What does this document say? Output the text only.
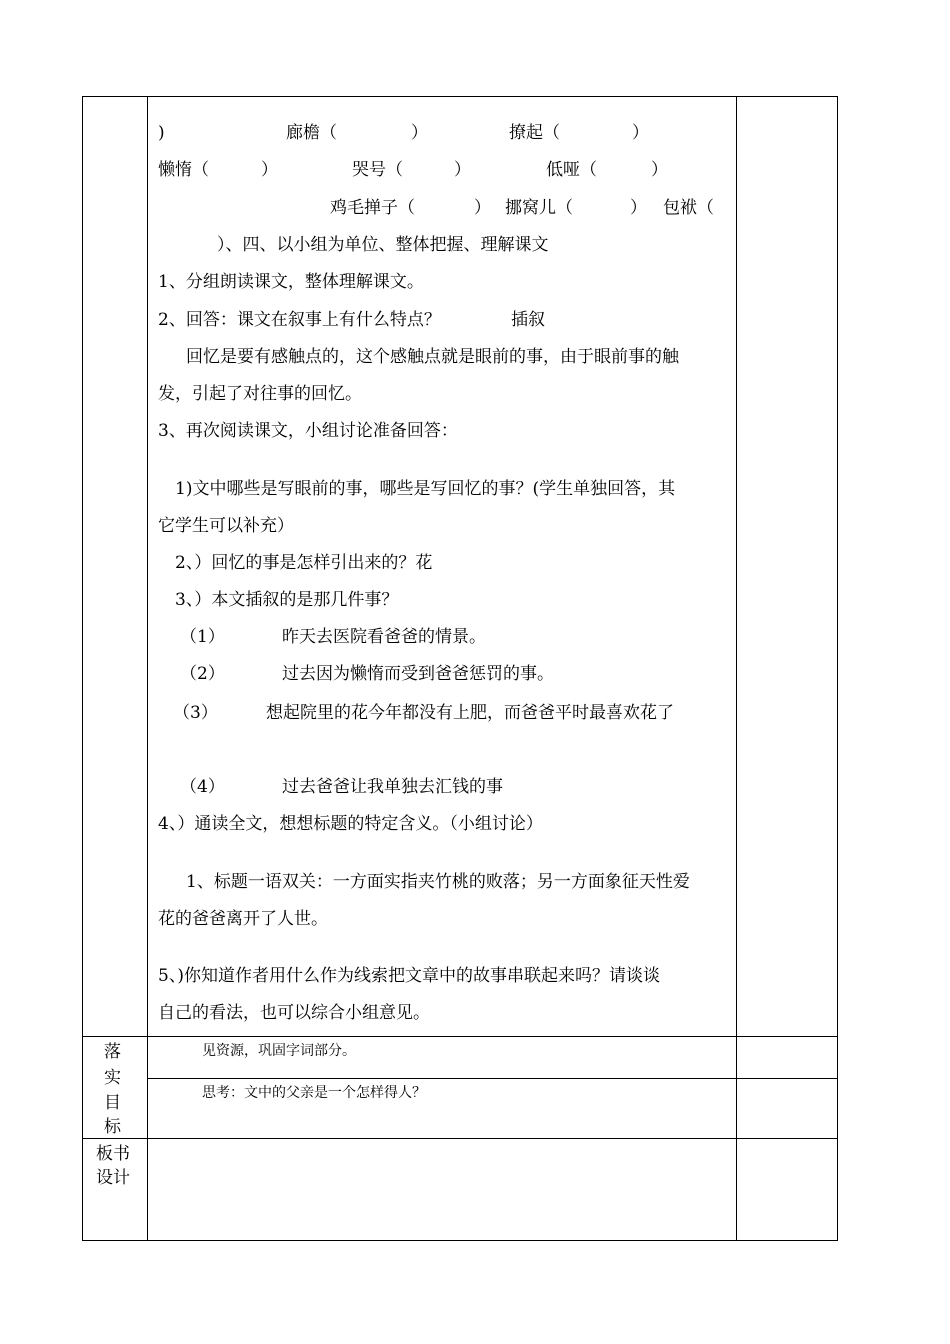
)	廊檐（	）	撩起（	）
懒惰（	）	哭号（	）	低哑（	）
鸡毛掸子（	） 挪窝儿（	） 包袱（
）、四、以小组为单位、整体把握、理解课文
1、分组朗读课文，整体理解课文。
2、回答：课文在叙事上有什么特点？	插叙
回忆是要有感触点的，这个感触点就是眼前的事，由于眼前事的触
发，引起了对往事的回忆。
3、再次阅读课文，小组讨论准备回答：
1)文中哪些是写眼前的事，哪些是写回忆的事？(学生单独回答，其
它学生可以补充）
2、）回忆的事是怎样引出来的？花
3、）本文插叙的是那几件事？
（1）	昨天去医院看爸爸的情景。
（2）	过去因为懒惰而受到爸爸惩罚的事。
（3）	想起院里的花今年都没有上肥，而爸爸平时最喜欢花了
（4）	过去爸爸让我单独去汇钱的事
4、）通读全文，想想标题的特定含义。（小组讨论）
1、标题一语双关：一方面实指夹竹桃的败落；另一方面象征天性爱
花的爸爸离开了人世。
5、)你知道作者用什么作为线索把文章中的故事串联起来吗？请谈谈
自己的看法，也可以综合小组意见。
落
实
目
标
见资源，巩固字词部分。
思考：文中的父亲是一个怎样得人？
板书
设计
